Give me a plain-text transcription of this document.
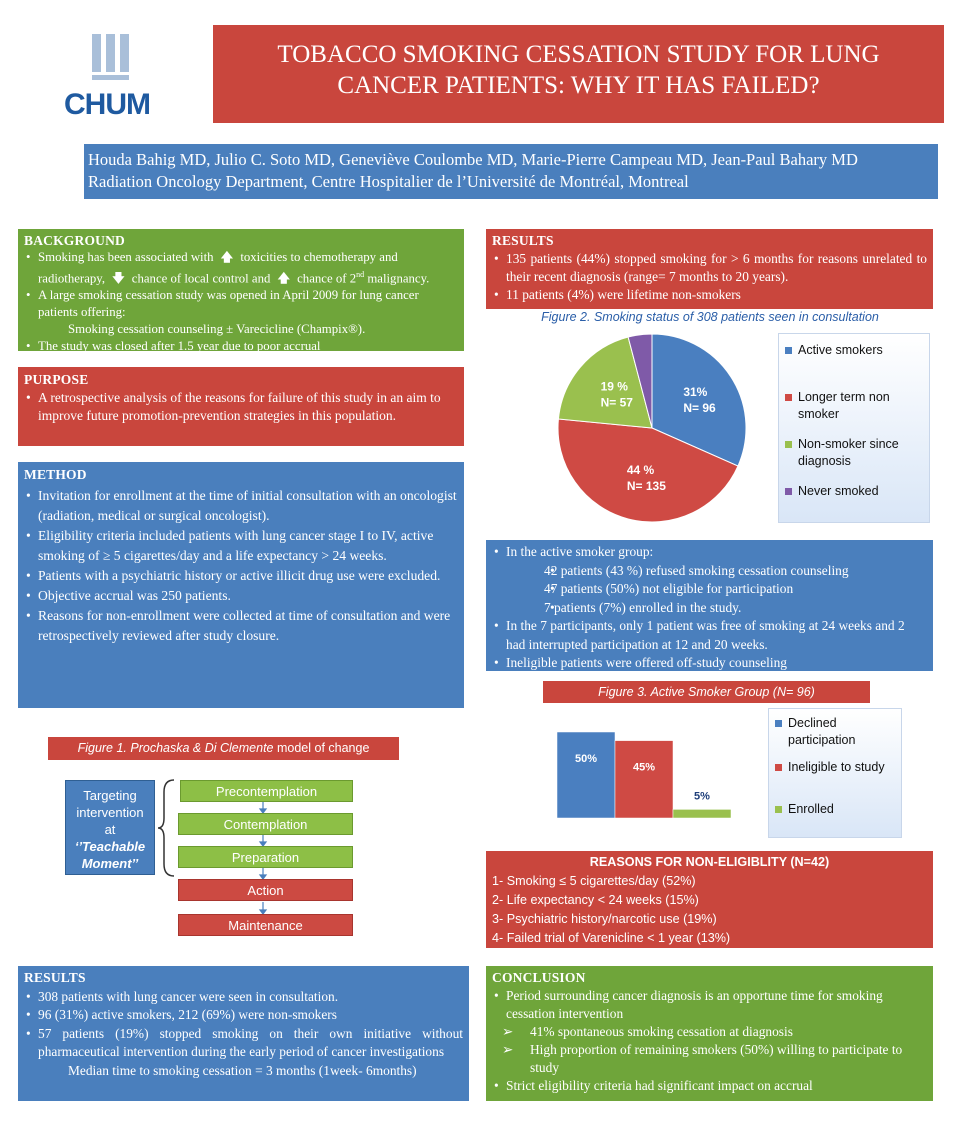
CHUM
TOBACCO SMOKING CESSATION STUDY FOR LUNG
CANCER PATIENTS: WHY IT HAS FAILED?
Houda Bahig MD, Julio C. Soto MD, Geneviève Coulombe MD, Marie-Pierre Campeau MD, Jean-Paul Bahary MD
Radiation Oncology Department, Centre Hospitalier de l’Université de Montréal, Montreal
BACKGROUND
• Smoking has been associated with 🡅 toxicities to chemotherapy and radiotherapy, 🡇 chance of local control and 🡅 chance of 2nd malignancy.
• A large smoking cessation study was opened in April 2009 for lung cancer patients offering:
Smoking cessation counseling ± Varecicline (Champix®).
• The study was closed after 1.5 year due to poor accrual
PURPOSE
• A retrospective analysis of the reasons for failure of this study in an aim to improve future promotion-prevention strategies in this population.
METHOD
• Invitation for enrollment at the time of initial consultation with an oncologist (radiation, medical or surgical oncologist).
• Eligibility criteria included patients with lung cancer stage I to IV, active smoking of ≥ 5 cigarettes/day and a life expectancy > 24 weeks.
• Patients with a psychiatric history or active illicit drug use were excluded.
• Objective accrual was 250 patients.
• Reasons for non-enrollment were collected at time of consultation and were retrospectively reviewed after study closure.
Figure 1. Prochaska & Di Clemente model of change
Targeting
intervention
at
‘’Teachable
Moment’’
Precontemplation
Contemplation
Preparation
Action
Maintenance
RESULTS
• 308 patients with lung cancer were seen in consultation.
• 96 (31%) active smokers, 212 (69%) were non-smokers
• 57 patients (19%) stopped smoking on their own initiative without pharmaceutical intervention during the early period of cancer investigations
Median time to smoking cessation = 3 months (1week- 6months)
RESULTS
• 135 patients (44%) stopped smoking for > 6 months for reasons unrelated to their recent diagnosis (range= 7 months to 20 years).
• 11 patients (4%) were lifetime non-smokers
Figure 2. Smoking status of 308 patients seen in consultation
31%
N= 96
44 %
N= 135
19 %
N= 57
Active smokers
Longer term non smoker
Non-smoker since diagnosis
Never smoked
• In the active smoker group:
• 42 patients (43 %) refused smoking cessation counseling
• 47 patients (50%) not eligible for participation
• 7 patients (7%) enrolled in the study.
• In the 7 participants, only 1 patient was free of smoking at 24 weeks and 2 had interrupted participation at 12 and 20 weeks.
• Ineligible patients were offered off-study counseling
Figure 3. Active Smoker Group (N= 96)
50%
45%
5%
Declined participation
Ineligible to study
Enrolled
REASONS FOR NON-ELIGIBLITY (N=42)
1- Smoking ≤ 5 cigarettes/day (52%)
2- Life expectancy < 24 weeks (15%)
3- Psychiatric history/narcotic use (19%)
4- Failed trial of Varenicline < 1 year (13%)
CONCLUSION
• Period surrounding cancer diagnosis is an opportune time for smoking cessation intervention
➢ 41% spontaneous smoking cessation at diagnosis
➢ High proportion of remaining smokers (50%) willing to participate to study
• Strict eligibility criteria had significant impact on accrual
